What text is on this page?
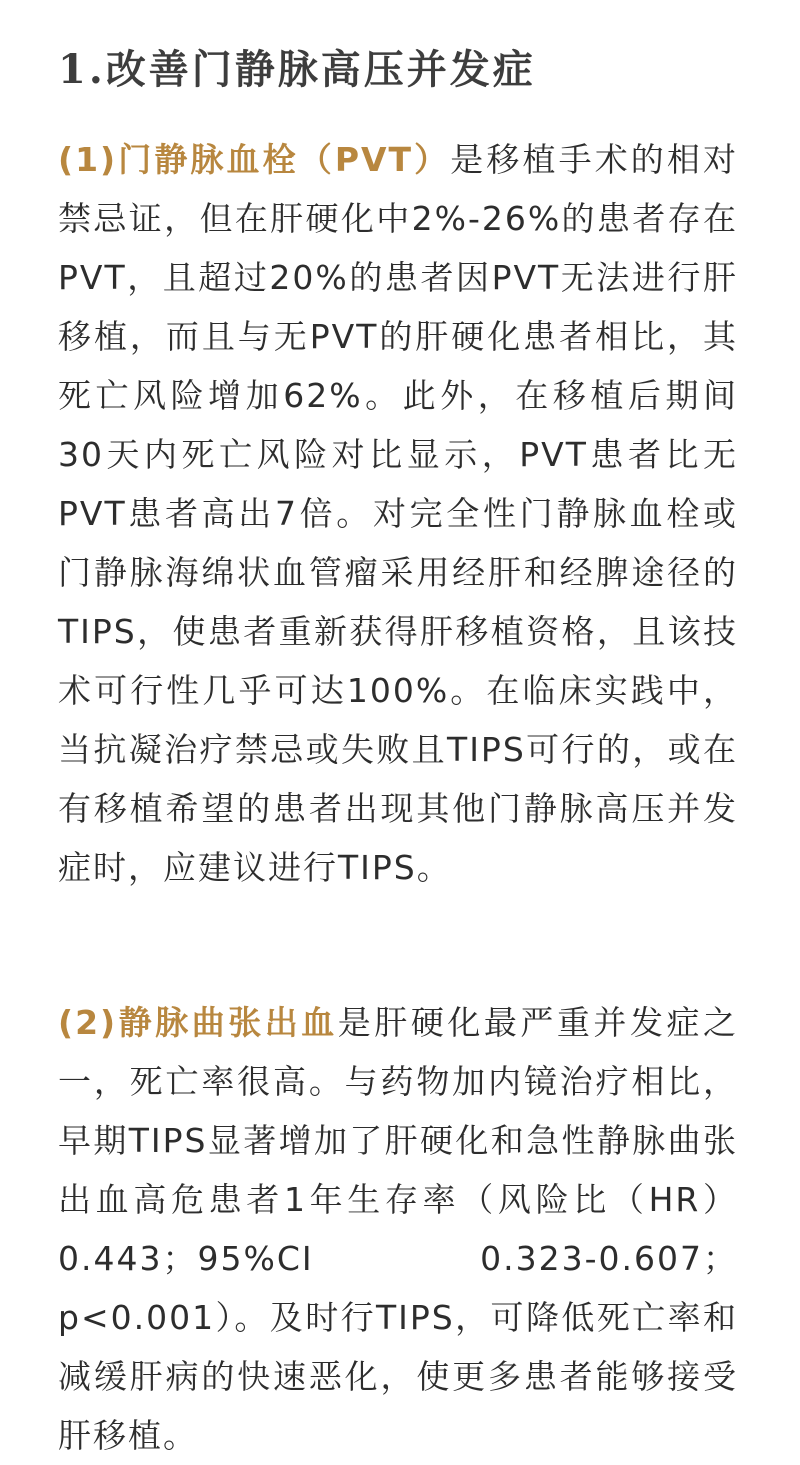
1.改善门静脉高压并发症

(1)门静脉血栓（PVT）是移植手术的相对禁忌证，但在肝硬化中2%-26%的患者存在PVT，且超过20%的患者因PVT无法进行肝移植，而且与无PVT的肝硬化患者相比，其死亡风险增加62%。此外，在移植后期间30天内死亡风险对比显示，PVT患者比无PVT患者高出7倍。对完全性门静脉血栓或门静脉海绵状血管瘤采用经肝和经脾途径的TIPS，使患者重新获得肝移植资格，且该技术可行性几乎可达100%。在临床实践中，当抗凝治疗禁忌或失败且TIPS可行的，或在有移植希望的患者出现其他门静脉高压并发症时，应建议进行TIPS。

(2)静脉曲张出血是肝硬化最严重并发症之一，死亡率很高。与药物加内镜治疗相比，早期TIPS显著增加了肝硬化和急性静脉曲张出血高危患者1年生存率（风险比（HR）0.443；95%CI 0.323-0.607；p<0.001）。及时行TIPS，可降低死亡率和减缓肝病的快速恶化，使更多患者能够接受肝移植。
